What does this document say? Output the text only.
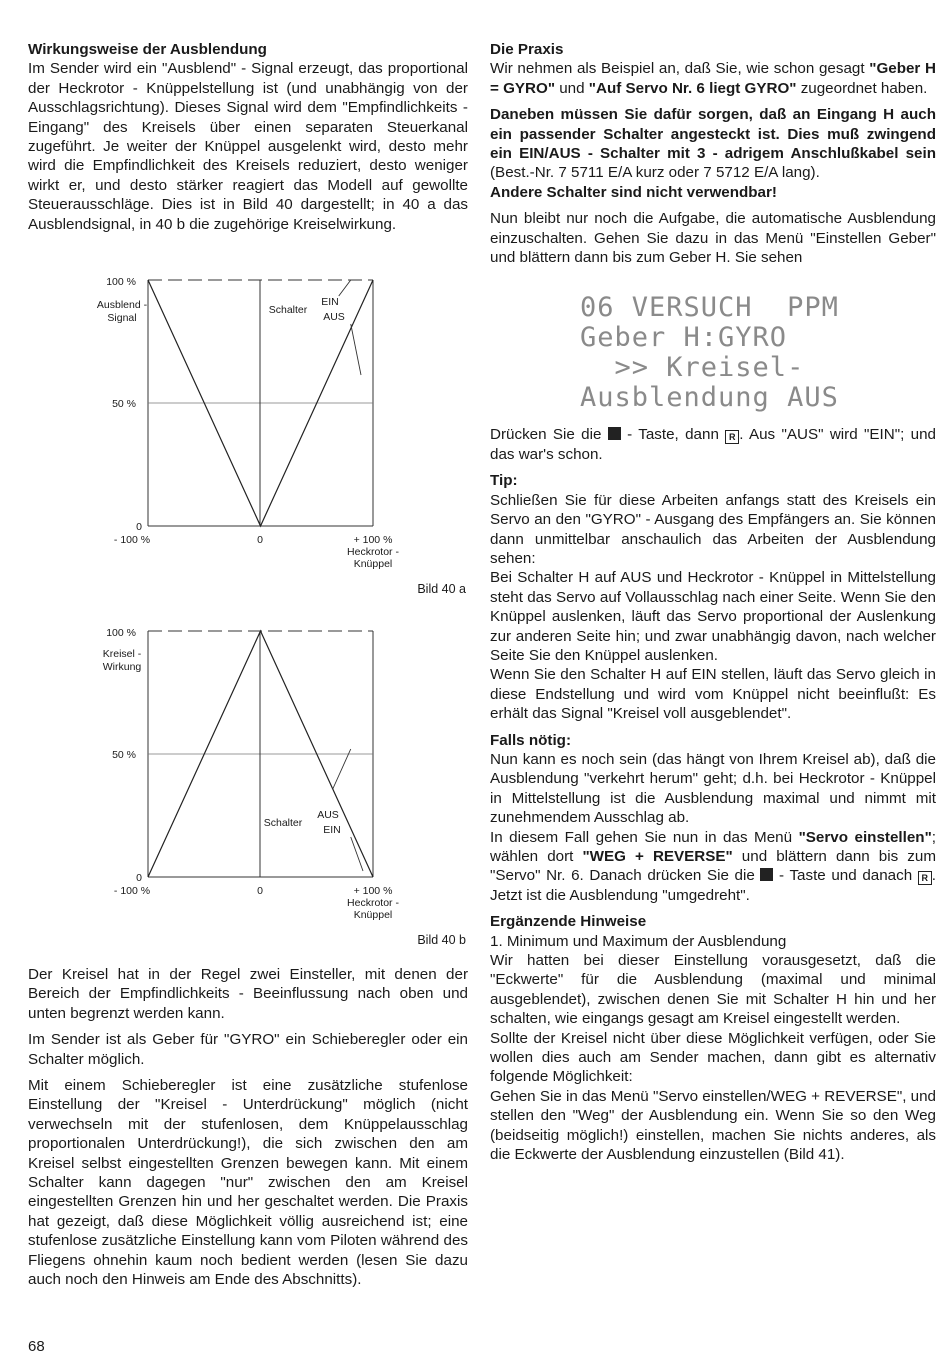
Wirkungsweise der Ausblendung

Im Sender wird ein "Ausblend" - Signal erzeugt, das proportional der Heckrotor - Knüppelstellung ist (und unabhängig von der Ausschlagsrichtung). Dieses Signal wird dem "Empfindlichkeits - Eingang" des Kreisels über einen separaten Steuerkanal zugeführt. Je weiter der Knüppel ausgelenkt wird, desto mehr wird die Empfindlichkeit des Kreisels reduziert, desto weniger wirkt er, und desto stärker reagiert das Modell auf gewollte Steuerausschläge. Dies ist in Bild 40 dargestellt; in 40 a das Ausblendsignal, in 40 b die zugehörige Kreiselwirkung.

100 %
50 %
0
Ausblend -
Signal
- 100 %	0	+ 100 %
Heckrotor -
Knüppel
Schalter
EIN
AUS
Bild 40 a
100 %
50 %
0
Kreisel -
Wirkung
- 100 %	0	+ 100 %
Heckrotor -
Knüppel
Schalter
AUS
EIN
Bild 40 b

Der Kreisel hat in der Regel zwei Einsteller, mit denen der Bereich der Empfindlichkeits - Beeinflussung nach oben und unten begrenzt werden kann.

Im Sender ist als Geber für "GYRO" ein Schieberegler oder ein Schalter möglich.

Mit einem Schieberegler ist eine zusätzliche stufenlose Einstellung der "Kreisel - Unterdrückung" möglich (nicht verwechseln mit der stufenlosen, dem Knüppelausschlag proportionalen Unterdrückung!), die sich zwischen den am Kreisel selbst eingestellten Grenzen bewegen kann. Mit einem Schalter kann dagegen "nur" zwischen den am Kreisel eingestellten Grenzen hin und her geschaltet werden. Die Praxis hat gezeigt, daß diese Möglichkeit völlig ausreichend ist; eine stufenlose zusätzliche Einstellung kann vom Piloten während des Fliegens ohnehin kaum noch bedient werden (lesen Sie dazu auch noch den Hinweis am Ende des Abschnitts).

Die Praxis

Wir nehmen als Beispiel an, daß Sie, wie schon gesagt "Geber H = GYRO" und "Auf Servo Nr. 6 liegt GYRO" zugeordnet haben.

Daneben müssen Sie dafür sorgen, daß an Eingang H auch ein passender Schalter angesteckt ist. Dies muß zwingend ein EIN/AUS - Schalter mit 3 - adrigem Anschlußkabel sein (Best.-Nr. 7 5711 E/A kurz oder 7 5712 E/A lang).

Andere Schalter sind nicht verwendbar!

Nun bleibt nur noch die Aufgabe, die automatische Ausblendung einzuschalten. Gehen Sie dazu in das Menü "Einstellen Geber" und blättern dann bis zum Geber H. Sie sehen

06 VERSUCH  PPM
Geber H:GYRO
>> Kreisel-
Ausblendung AUS

Drücken Sie die  - Taste, dann R . Aus "AUS" wird "EIN"; und das war's schon.

Tip:

Schließen Sie für diese Arbeiten anfangs statt des Kreisels ein Servo an den "GYRO" - Ausgang des Empfängers an. Sie können dann unmittelbar anschaulich das Arbeiten der Ausblendung sehen:

Bei Schalter H auf AUS und Heckrotor - Knüppel in Mittelstellung steht das Servo auf Vollausschlag nach einer Seite. Wenn Sie den Knüppel auslenken, läuft das Servo proportional der Auslenkung zur anderen Seite hin; und zwar unabhängig davon, nach welcher Seite Sie den Knüppel auslenken.

Wenn Sie den Schalter H auf EIN stellen, läuft das Servo gleich in diese Endstellung und wird vom Knüppel nicht beeinflußt: Es erhält das Signal "Kreisel voll ausgeblendet".

Falls nötig:

Nun kann es noch sein (das hängt von Ihrem Kreisel ab), daß die Ausblendung "verkehrt herum" geht; d.h. bei Heckrotor - Knüppel in Mittelstellung ist die Ausblendung maximal und nimmt mit zunehmendem Ausschlag ab.

In diesem Fall gehen Sie nun in das Menü "Servo einstellen"; wählen dort "WEG + REVERSE" und blättern dann bis zum "Servo" Nr. 6. Danach drücken Sie die  - Taste und danach R . Jetzt ist die Ausblendung "umgedreht".

Ergänzende Hinweise
1. Minimum und Maximum der Ausblendung

Wir hatten bei dieser Einstellung vorausgesetzt, daß die "Eckwerte" für die Ausblendung (maximal und minimal ausgeblendet), zwischen denen Sie mit Schalter H hin und her schalten, wie eingangs gesagt am Kreisel eingestellt werden.

Sollte der Kreisel nicht über diese Möglichkeit verfügen, oder Sie wollen dies auch am Sender machen, dann gibt es alternativ folgende Möglichkeit:

Gehen Sie in das Menü "Servo einstellen/WEG + REVERSE", und stellen den "Weg" der Ausblendung ein. Wenn Sie so den Weg (beidseitig möglich!) einstellen, machen Sie nichts anderes, als die Eckwerte der Ausblendung einzustellen (Bild 41).

68
